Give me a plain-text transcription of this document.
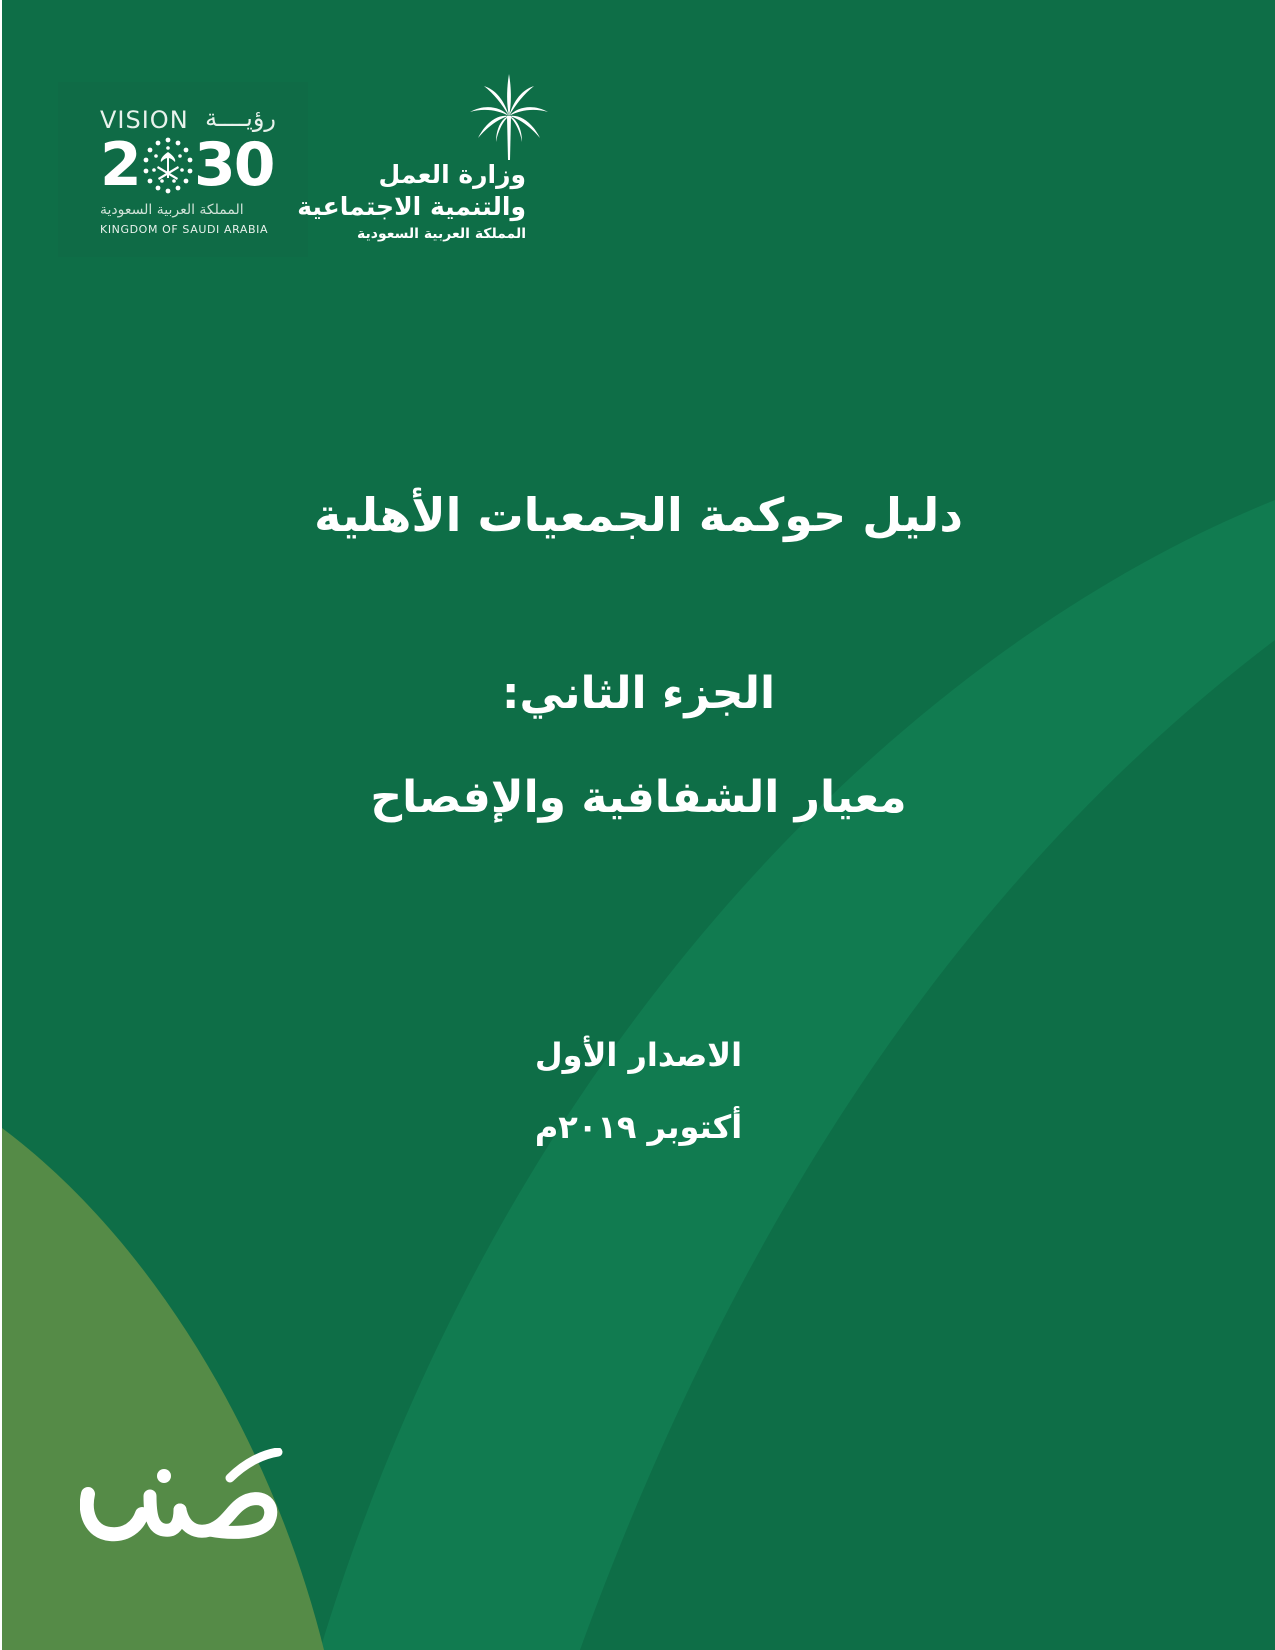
VISION رؤيــــة
2 30
المملكة العربية السعودية
KINGDOM OF SAUDI ARABIA
وزارة العمل
والتنمية الاجتماعية
المملكة العربية السعودية
دليل حوكمة الجمعيات الأهلية
الجزء الثاني:
معيار الشفافية والإفصاح
الاصدار الأول
أكتوبر ٢٠١٩م
